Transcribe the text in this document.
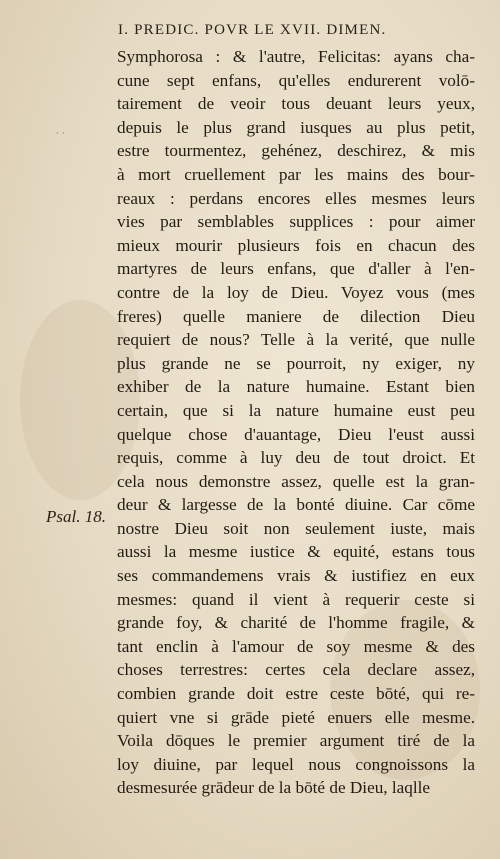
I. PREDIC. POVR LE XVII. DIMEN.
· ·
Psal. 18.
Symphorosa : & l'autre, Felicitas: ayans cha-
cune sept enfans, qu'elles endurerent volō-
tairement de veoir tous deuant leurs yeux,
depuis le plus grand iusques au plus petit,
estre tourmentez, gehénez, deschirez, & mis
à mort cruellement par les mains des bour-
reaux : perdans encores elles mesmes leurs
vies par semblables supplices : pour aimer
mieux mourir plusieurs fois en chacun des
martyres de leurs enfans, que d'aller à l'en-
contre de la loy de Dieu. Voyez vous (mes
freres) quelle maniere de dilection Dieu
requiert de nous? Telle à la verité, que nulle
plus grande ne se pourroit, ny exiger, ny
exhiber de la nature humaine. Estant bien
certain, que si la nature humaine eust peu
quelque chose d'auantage, Dieu l'eust aussi
requis, comme à luy deu de tout droict. Et
cela nous demonstre assez, quelle est la gran-
deur & largesse de la bonté diuine. Car cōme
nostre Dieu soit non seulement iuste, mais
aussi la mesme iustice & equité, estans tous
ses commandemens vrais & iustifiez en eux
mesmes: quand il vient à requerir ceste si
grande foy, & charité de l'homme fragile, &
tant enclin à l'amour de soy mesme & des
choses terrestres: certes cela declare assez,
combien grande doit estre ceste bōté, qui re-
quiert vne si grāde pieté enuers elle mesme.
Voila dōques le premier argument tiré de la
loy diuine, par lequel nous congnoissons la
desmesurée grādeur de la bōté de Dieu, laqlle
